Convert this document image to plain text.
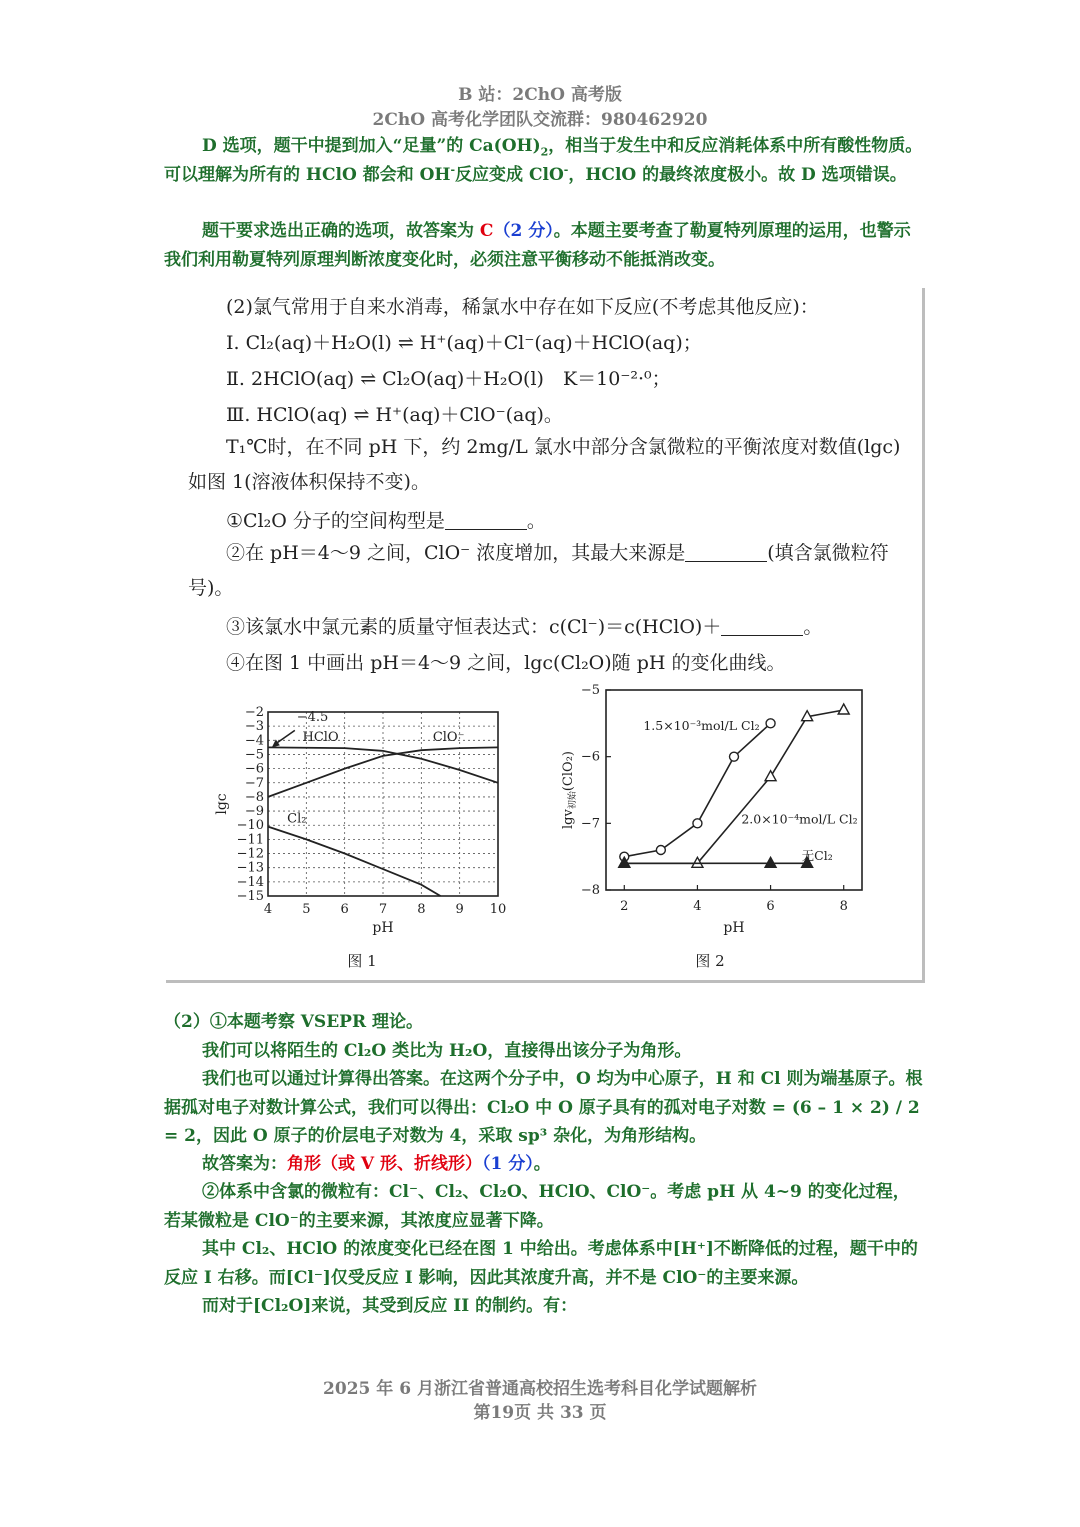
B 站：2ChO 高考版
2ChO 高考化学团队交流群：980462920
D 选项，题干中提到加入“足量”的 $Ca(OH)_2$，相当于发生中和反应消耗体系中所有酸性物质。可以理解为所有的 HClO 都会和 OH-反应变成 ClO-，HClO 的最终浓度极小。故 D 选项错误。
题干要求选出正确的选项，故答案为 C（2 分）。本题主要考查了勒夏特列原理的运用，也警示我们利用勒夏特列原理判断浓度变化时，必须注意平衡移动不能抵消改变。
(2)氯气常用于自来水消毒，稀氯水中存在如下反应(不考虑其他反应)：
Ⅰ. Cl₂(aq)＋H₂O(l) ⇌ H⁺(aq)＋Cl⁻(aq)＋HClO(aq)；
Ⅱ. 2HClO(aq) ⇌ Cl₂O(aq)＋H₂O(l)　K＝10⁻²·⁰；
Ⅲ. HClO(aq) ⇌ H⁺(aq)＋ClO⁻(aq)。
T₁℃时，在不同 pH 下，约 2mg/L 氯水中部分含氯微粒的平衡浓度对数值(lgc)如图 1(溶液体积保持不变)。
①Cl₂O 分子的空间构型是	。
②在 pH＝4～9 之间，ClO⁻ 浓度增加，其最大来源是	(填含氯微粒符号)。
③该氯水中氯元素的质量守恒表达式：c(Cl⁻)＝c(HClO)＋	。
④在图 1 中画出 pH＝4～9 之间，lgc(Cl₂O)随 pH 的变化曲线。
4 5 6 7 8 9 10
−2
−3
−4
−5
−6
−7
−8
−9
−10
−11
−12
−13
−14
−15
pH
lgc
HClO	ClO⁻
Cl₂
−4.5
图 1
2	4	6	8
−5
−6
−7
−8
pH
lgv$_{初始}$(ClO₂)
1.5×10⁻³mol/L Cl₂
2.0×10⁻⁴mol/L Cl₂
无Cl₂
图 2
（2）①本题考察 VSEPR 理论。
我们可以将陌生的 Cl₂O 类比为 H₂O，直接得出该分子为角形。
我们也可以通过计算得出答案。在这两个分子中，O 均为中心原子，H 和 Cl 则为端基原子。根据孤对电子对数计算公式，我们可以得出：Cl₂O 中 O 原子具有的孤对电子对数 = (6 – 1 × 2) / 2 = 2，因此 O 原子的价层电子对数为 4，采取 sp³ 杂化，为角形结构。
故答案为：角形（或 V 形、折线形）（1 分）。
②体系中含氯的微粒有：Cl⁻、Cl₂、Cl₂O、HClO、ClO⁻。考虑 pH 从 4~9 的变化过程，若某微粒是 ClO⁻的主要来源，其浓度应显著下降。
其中 Cl₂、HClO 的浓度变化已经在图 1 中给出。考虑体系中[H⁺]不断降低的过程，题干中的反应 I 右移。而[Cl⁻]仅受反应 I 影响，因此其浓度升高，并不是 ClO⁻的主要来源。
而对于[Cl₂O]来说，其受到反应 II 的制约。有：
2025 年 6 月浙江省普通高校招生选考科目化学试题解析
第19页 共 33 页
